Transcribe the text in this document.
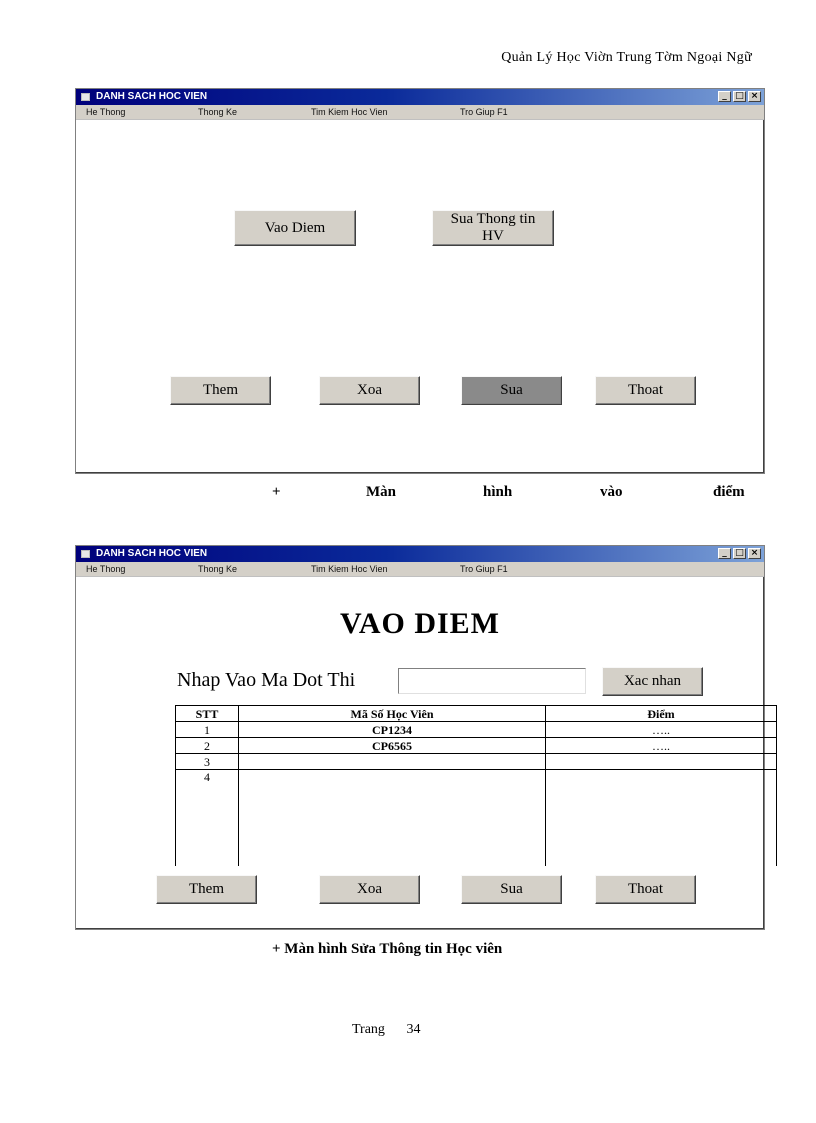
Quản Lý Học Viờn Trung Tờm Ngoại Ngữ
DANH SACH HOC VIEN	_ □ ×
He Thong	Thong Ke	Tim Kiem Hoc Vien	Tro Giup F1
Vao Diem
Sua Thong tin
HV
Them	Xoa	Sua	Thoat
+	Màn	hình	vào	điểm
DANH SACH HOC VIEN	_ □ ×
He Thong	Thong Ke	Tim Kiem Hoc Vien	Tro Giup F1
VAO DIEM
Nhap Vao Ma Dot Thi	Xac nhan
STT	Mã Số Học Viên	Điểm
1	CP1234	…..
2	CP6565	…..
3		
4		
Them	Xoa	Sua	Thoat
+ Màn hình Sửa Thông tin Học viên
Trang 34
